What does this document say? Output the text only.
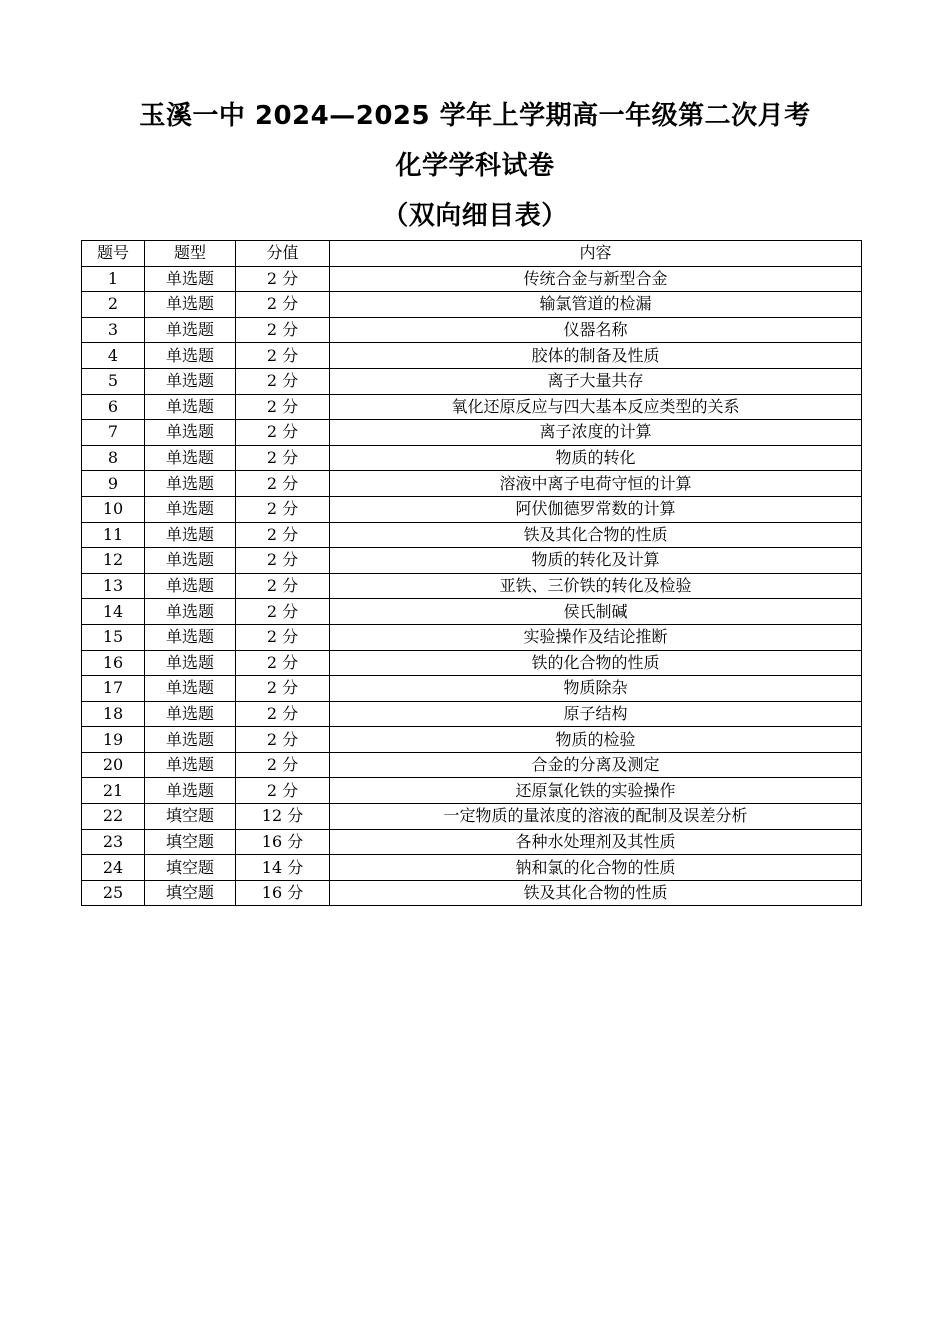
玉溪一中 2024—2025 学年上学期高一年级第二次月考
化学学科试卷
（双向细目表）
题号	题型	分值	内容
1	单选题	2 分	传统合金与新型合金
2	单选题	2 分	输氯管道的检漏
3	单选题	2 分	仪器名称
4	单选题	2 分	胶体的制备及性质
5	单选题	2 分	离子大量共存
6	单选题	2 分	氧化还原反应与四大基本反应类型的关系
7	单选题	2 分	离子浓度的计算
8	单选题	2 分	物质的转化
9	单选题	2 分	溶液中离子电荷守恒的计算
10	单选题	2 分	阿伏伽德罗常数的计算
11	单选题	2 分	铁及其化合物的性质
12	单选题	2 分	物质的转化及计算
13	单选题	2 分	亚铁、三价铁的转化及检验
14	单选题	2 分	侯氏制碱
15	单选题	2 分	实验操作及结论推断
16	单选题	2 分	铁的化合物的性质
17	单选题	2 分	物质除杂
18	单选题	2 分	原子结构
19	单选题	2 分	物质的检验
20	单选题	2 分	合金的分离及测定
21	单选题	2 分	还原氯化铁的实验操作
22	填空题	12 分	一定物质的量浓度的溶液的配制及误差分析
23	填空题	16 分	各种水处理剂及其性质
24	填空题	14 分	钠和氯的化合物的性质
25	填空题	16 分	铁及其化合物的性质
